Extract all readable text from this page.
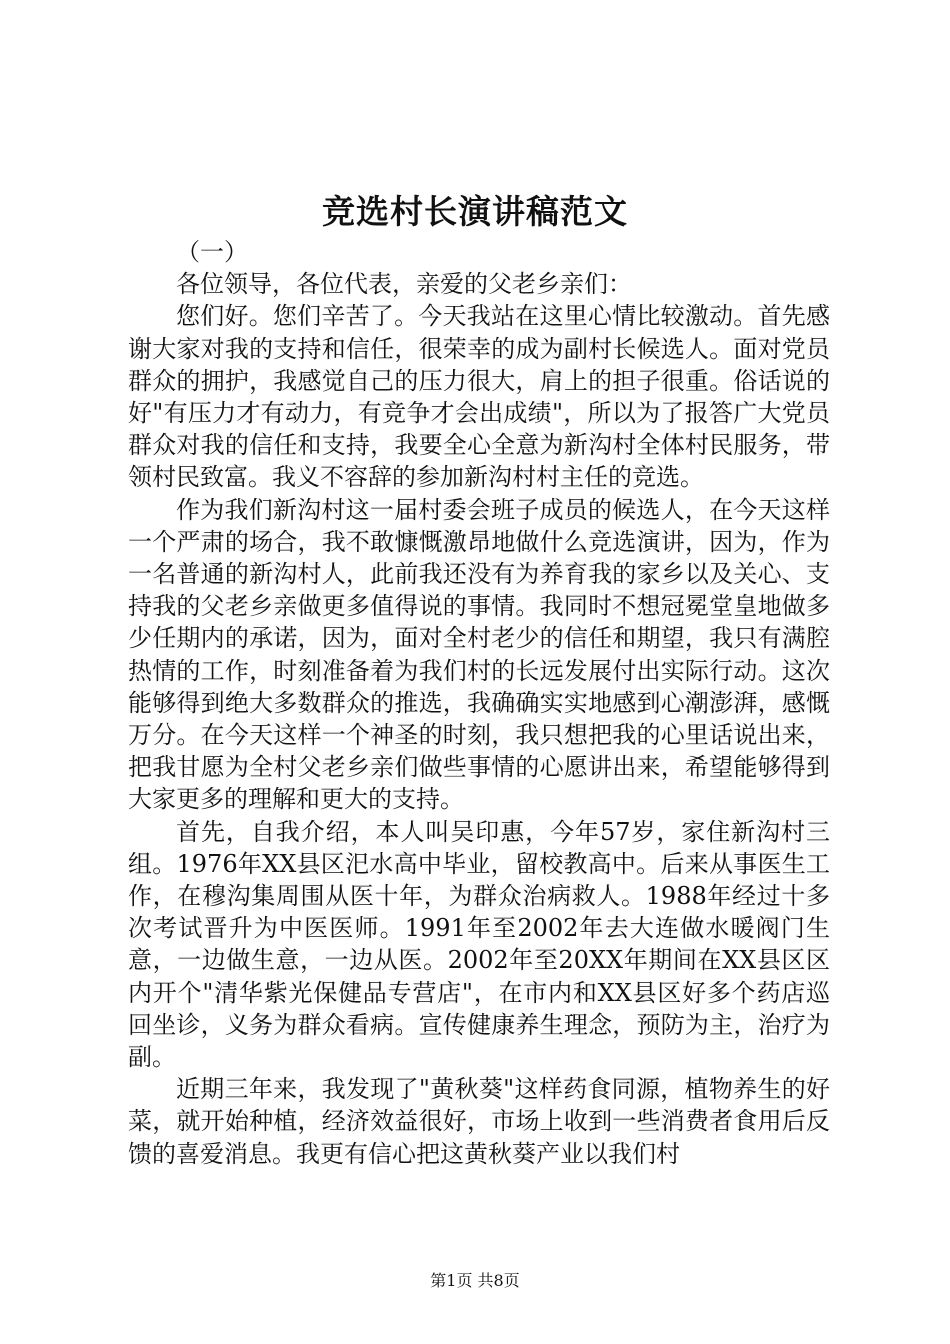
竞选村长演讲稿范文

（一）

各位领导，各位代表，亲爱的父老乡亲们：

您们好。您们辛苦了。今天我站在这里心情比较激动。首先感谢大家对我的支持和信任，很荣幸的成为副村长候选人。面对党员群众的拥护，我感觉自己的压力很大，肩上的担子很重。俗话说的好"有压力才有动力，有竞争才会出成绩"，所以为了报答广大党员群众对我的信任和支持，我要全心全意为新沟村全体村民服务，带领村民致富。我义不容辞的参加新沟村村主任的竞选。

作为我们新沟村这一届村委会班子成员的候选人，在今天这样一个严肃的场合，我不敢慷慨激昂地做什么竞选演讲，因为，作为一名普通的新沟村人，此前我还没有为养育我的家乡以及关心、支持我的父老乡亲做更多值得说的事情。我同时不想冠冕堂皇地做多少任期内的承诺，因为，面对全村老少的信任和期望，我只有满腔热情的工作，时刻准备着为我们村的长远发展付出实际行动。这次能够得到绝大多数群众的推选，我确确实实地感到心潮澎湃，感慨万分。在今天这样一个神圣的时刻，我只想把我的心里话说出来，把我甘愿为全村父老乡亲们做些事情的心愿讲出来，希望能够得到大家更多的理解和更大的支持。

首先，自我介绍，本人叫吴印惠，今年57岁，家住新沟村三组。1976年XX县区汜水高中毕业，留校教高中。后来从事医生工作，在穆沟集周围从医十年，为群众治病救人。1988年经过十多次考试晋升为中医医师。1991年至2002年去大连做水暖阀门生意，一边做生意，一边从医。2002年至20XX年期间在XX县区区内开个"清华紫光保健品专营店"，在市内和XX县区好多个药店巡回坐诊，义务为群众看病。宣传健康养生理念，预防为主，治疗为副。

近期三年来，我发现了"黄秋葵"这样药食同源，植物养生的好菜，就开始种植，经济效益很好，市场上收到一些消费者食用后反馈的喜爱消息。我更有信心把这黄秋葵产业以我们村

第1页 共8页
